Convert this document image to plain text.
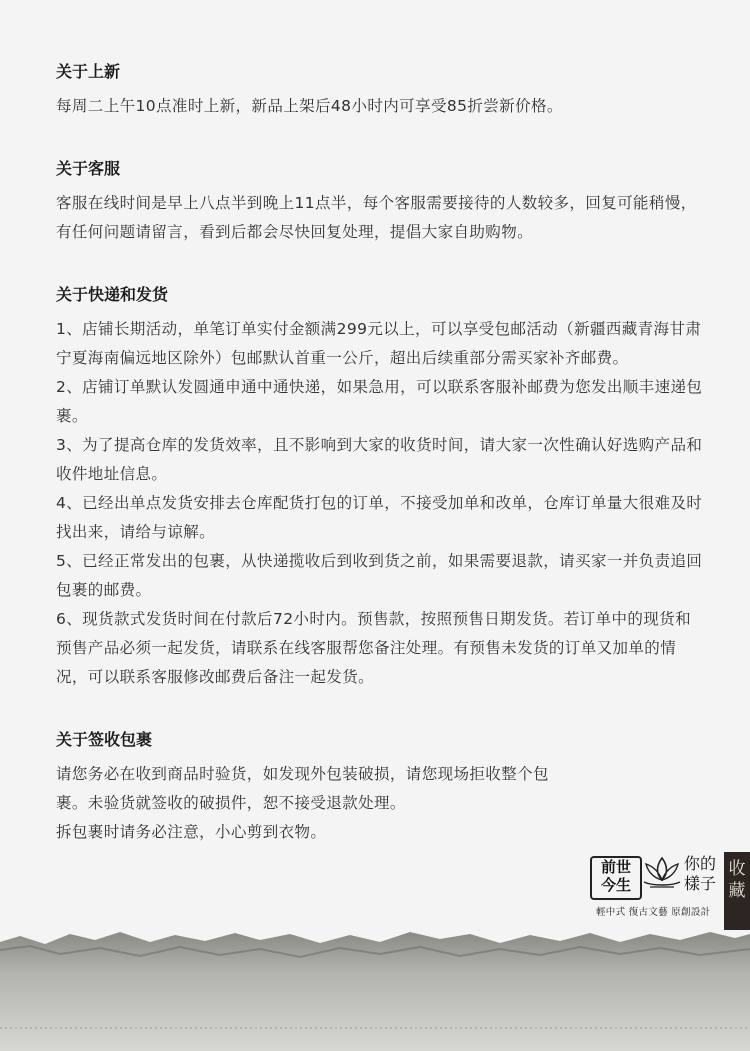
关于上新

每周二上午10点准时上新，新品上架后48小时内可享受85折尝新价格。

关于客服

客服在线时间是早上八点半到晚上11点半，每个客服需要接待的人数较多，回复可能稍慢，有任何问题请留言，看到后都会尽快回复处理，提倡大家自助购物。

关于快递和发货

1、店铺长期活动，单笔订单实付金额满299元以上，可以享受包邮活动（新疆西藏青海甘肃宁夏海南偏远地区除外）包邮默认首重一公斤，超出后续重部分需买家补齐邮费。

2、店铺订单默认发圆通申通中通快递，如果急用，可以联系客服补邮费为您发出顺丰速递包裹。

3、为了提高仓库的发货效率，且不影响到大家的收货时间，请大家一次性确认好选购产品和收件地址信息。

4、已经出单点发货安排去仓库配货打包的订单，不接受加单和改单，仓库订单量大很难及时找出来，请给与谅解。

5、已经正常发出的包裹，从快递揽收后到收到货之前，如果需要退款，请买家一并负责追回包裹的邮费。

6、现货款式发货时间在付款后72小时内。预售款，按照预售日期发货。若订单中的现货和预售产品必须一起发货，请联系在线客服帮您备注处理。有预售未发货的订单又加单的情况，可以联系客服修改邮费后备注一起发货。

关于签收包裹

请您务必在收到商品时验货，如发现外包装破损，请您现场拒收整个包裹。未验货就签收的破损件，恕不接受退款处理。

拆包裹时请务必注意，小心剪到衣物。

前世
今生
你的
樣子
輕中式 復古文藝 原創設計
收
藏
